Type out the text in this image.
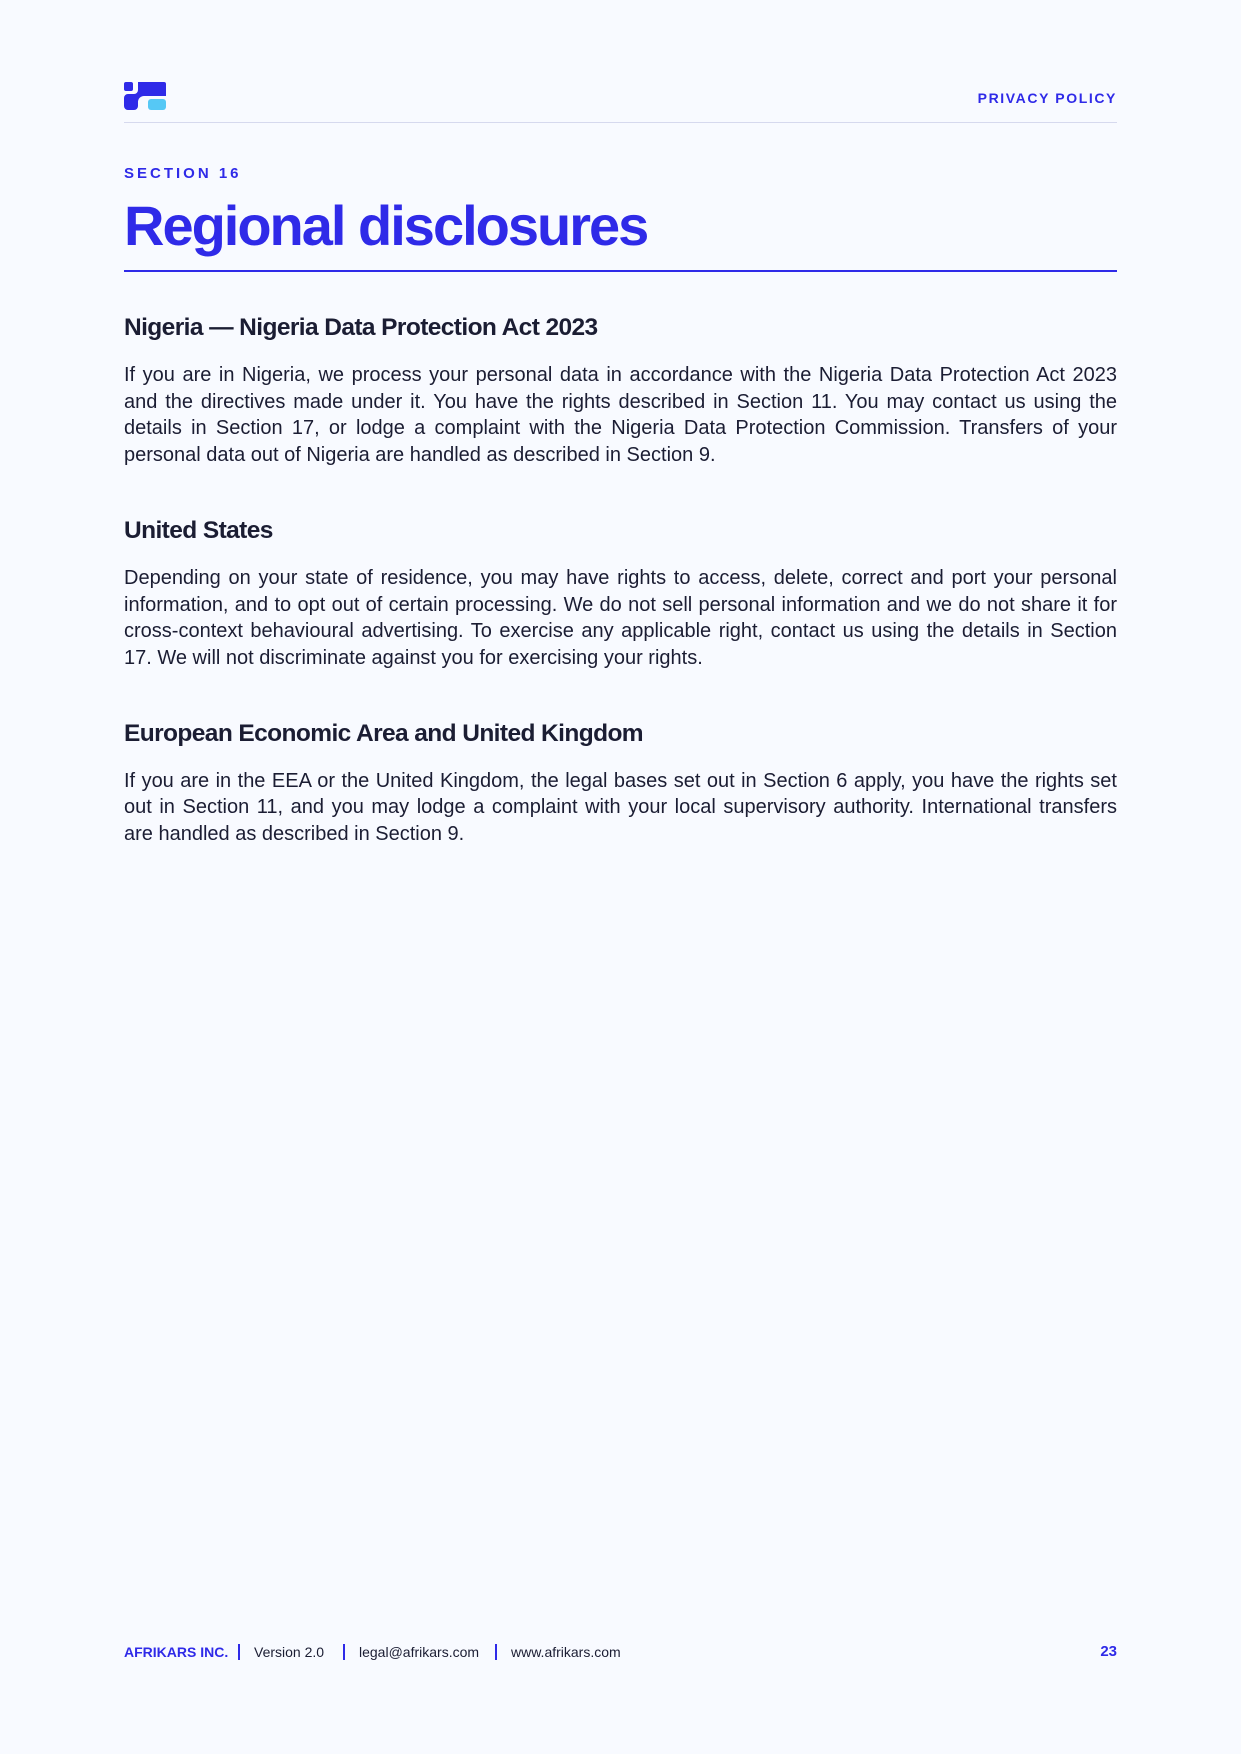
PRIVACY POLICY
SECTION 16
Regional disclosures
Nigeria — Nigeria Data Protection Act 2023

If you are in Nigeria, we process your personal data in accordance with the Nigeria Data Protection Act 2023 and the directives made under it. You have the rights described in Section 11. You may contact us using the details in Section 17, or lodge a complaint with the Nigeria Data Protection Commission. Transfers of your personal data out of Nigeria are handled as described in Section 9.

United States

Depending on your state of residence, you may have rights to access, delete, correct and port your personal information, and to opt out of certain processing. We do not sell personal information and we do not share it for cross-context behavioural advertising. To exercise any applicable right, contact us using the details in Section 17. We will not discriminate against you for exercising your rights.

European Economic Area and United Kingdom

If you are in the EEA or the United Kingdom, the legal bases set out in Section 6 apply, you have the rights set out in Section 11, and you may lodge a complaint with your local supervisory authority. International transfers are handled as described in Section 9.

AFRIKARS INC. Version 2.0 legal@afrikars.com www.afrikars.com	23
